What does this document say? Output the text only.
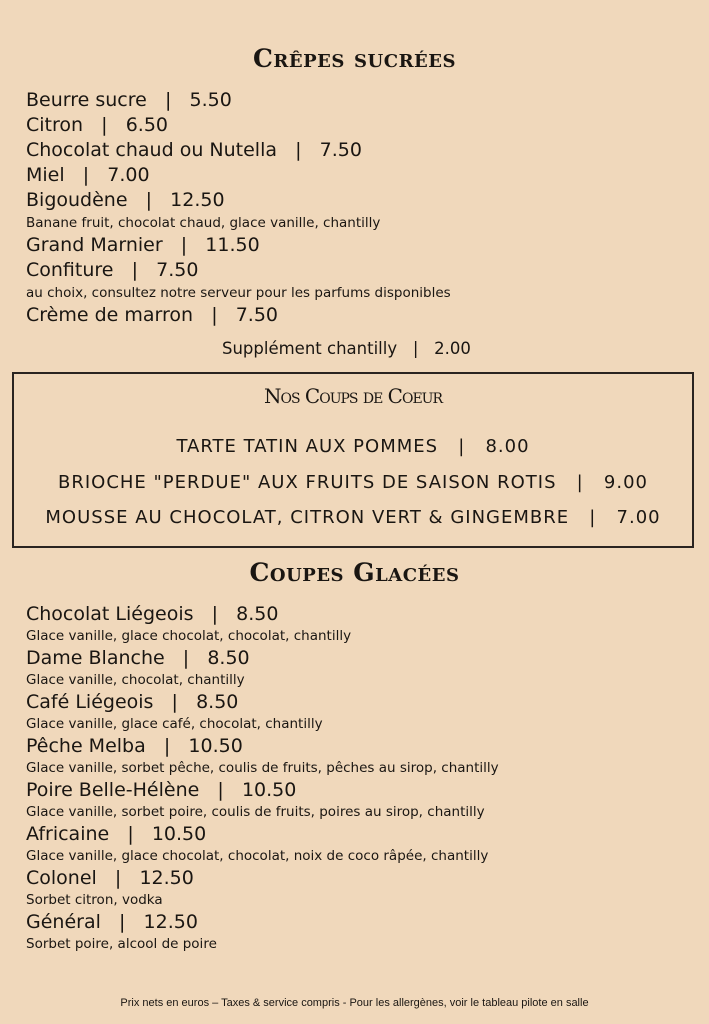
Crêpes sucrées
Beurre sucre   |   5.50
Citron   |   6.50
Chocolat chaud ou Nutella   |   7.50
Miel   |   7.00
Bigoudène   |   12.50
Banane fruit, chocolat chaud, glace vanille, chantilly
Grand Marnier   |   11.50
Confiture   |   7.50
au choix, consultez notre serveur pour les parfums disponibles
Crème de marron   |   7.50
Supplément chantilly   |   2.00
Nos Coups de Coeur
TARTE TATIN AUX POMMES   |   8.00
BRIOCHE "PERDUE" AUX FRUITS DE SAISON ROTIS   |   9.00
MOUSSE AU CHOCOLAT, CITRON VERT & GINGEMBRE   |   7.00
Coupes Glacées
Chocolat Liégeois   |   8.50
Glace vanille, glace chocolat, chocolat, chantilly
Dame Blanche   |   8.50
Glace vanille, chocolat, chantilly
Café Liégeois   |   8.50
Glace vanille, glace café, chocolat, chantilly
Pêche Melba   |   10.50
Glace vanille, sorbet pêche, coulis de fruits, pêches au sirop, chantilly
Poire Belle-Hélène   |   10.50
Glace vanille, sorbet poire, coulis de fruits, poires au sirop, chantilly
Africaine   |   10.50
Glace vanille, glace chocolat, chocolat, noix de coco râpée, chantilly
Colonel   |   12.50
Sorbet citron, vodka
Général   |   12.50
Sorbet poire, alcool de poire
Prix nets en euros – Taxes & service compris - Pour les allergènes, voir le tableau pilote en salle
